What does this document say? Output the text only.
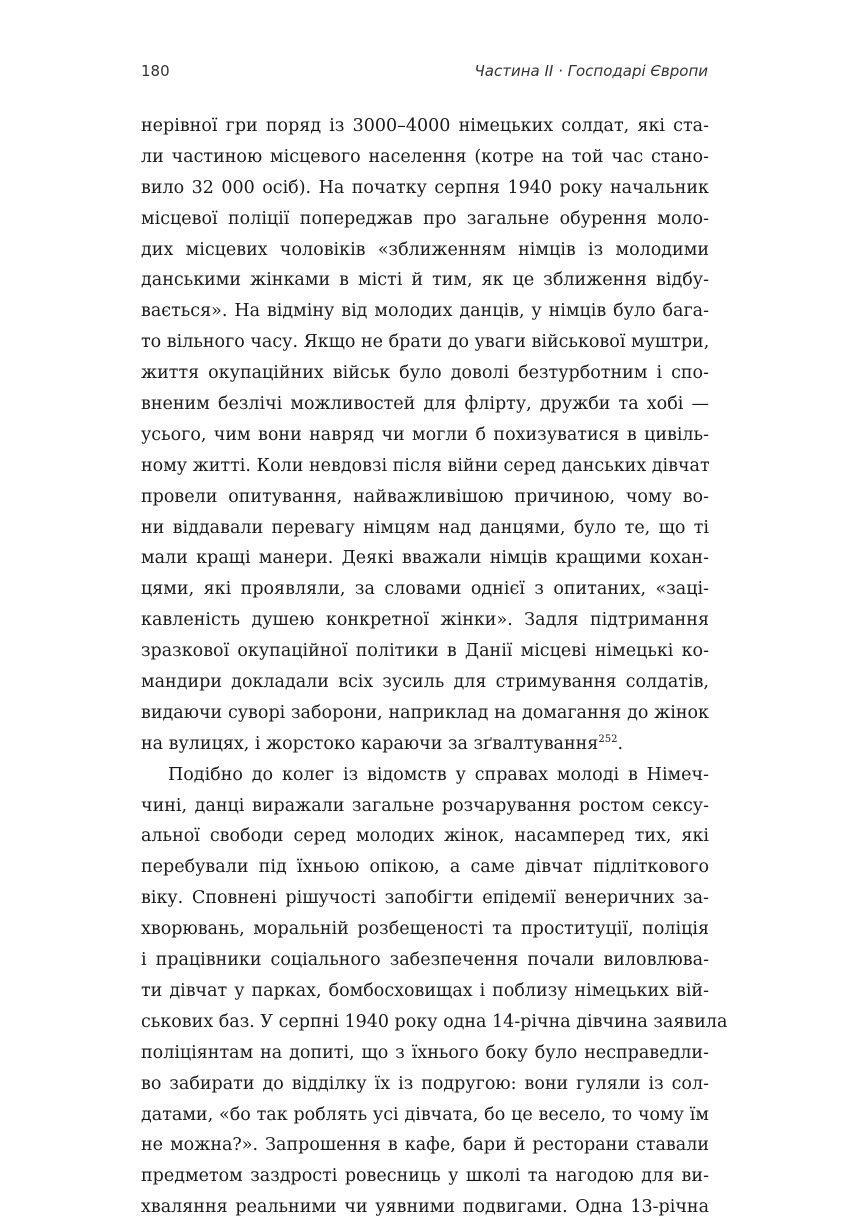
180	Частина II · Господарі Європи
нерівної гри поряд із 3000–4000 німецьких солдат, які ста-
ли частиною місцевого населення (котре на той час стано-
вило 32 000 осіб). На початку серпня 1940 року начальник
місцевої поліції попереджав про загальне обурення моло-
дих місцевих чоловіків «зближенням німців із молодими
данськими жінками в місті й тим, як це зближення відбу-
вається». На відміну від молодих данців, у німців було бага-
то вільного часу. Якщо не брати до уваги військової муштри,
життя окупаційних військ було доволі безтурботним і спо-
вненим безлічі можливостей для флірту, дружби та хобі —
усього, чим вони навряд чи могли б похизуватися в цивіль-
ному житті. Коли невдовзі після війни серед данських дівчат
провели опитування, найважливішою причиною, чому во-
ни віддавали перевагу німцям над данцями, було те, що ті
мали кращі манери. Деякі вважали німців кращими кохан-
цями, які проявляли, за словами однієї з опитаних, «заці-
кавленість душею конкретної жінки». Задля підтримання
зразкової окупаційної політики в Данії місцеві німецькі ко-
мандири докладали всіх зусиль для стримування солдатів,
видаючи суворі заборони, наприклад на домагання до жінок
на вулицях, і жорстоко караючи за зґвалтування$^{252}$.
Подібно до колег із відомств у справах молоді в Німеч-
чині, данці виражали загальне розчарування ростом сексу-
альної свободи серед молодих жінок, насамперед тих, які
перебували під їхньою опікою, а саме дівчат підліткового
віку. Сповнені рішучості запобігти епідемії венеричних за-
хворювань, моральній розбещеності та проституції, поліція
і працівники соціального забезпечення почали виловлюва-
ти дівчат у парках, бомбосховищах і поблизу німецьких вій-
ськових баз. У серпні 1940 року одна 14-річна дівчина заявила
поліціянтам на допиті, що з їхнього боку було несправедли-
во забирати до відділку їх із подругою: вони гуляли із сол-
датами, «бо так роблять усі дівчата, бо це весело, то чому їм
не можна?». Запрошення в кафе, бари й ресторани ставали
предметом заздрості ровесниць у школі та нагодою для ви-
хваляння реальними чи уявними подвигами. Одна 13-річна
